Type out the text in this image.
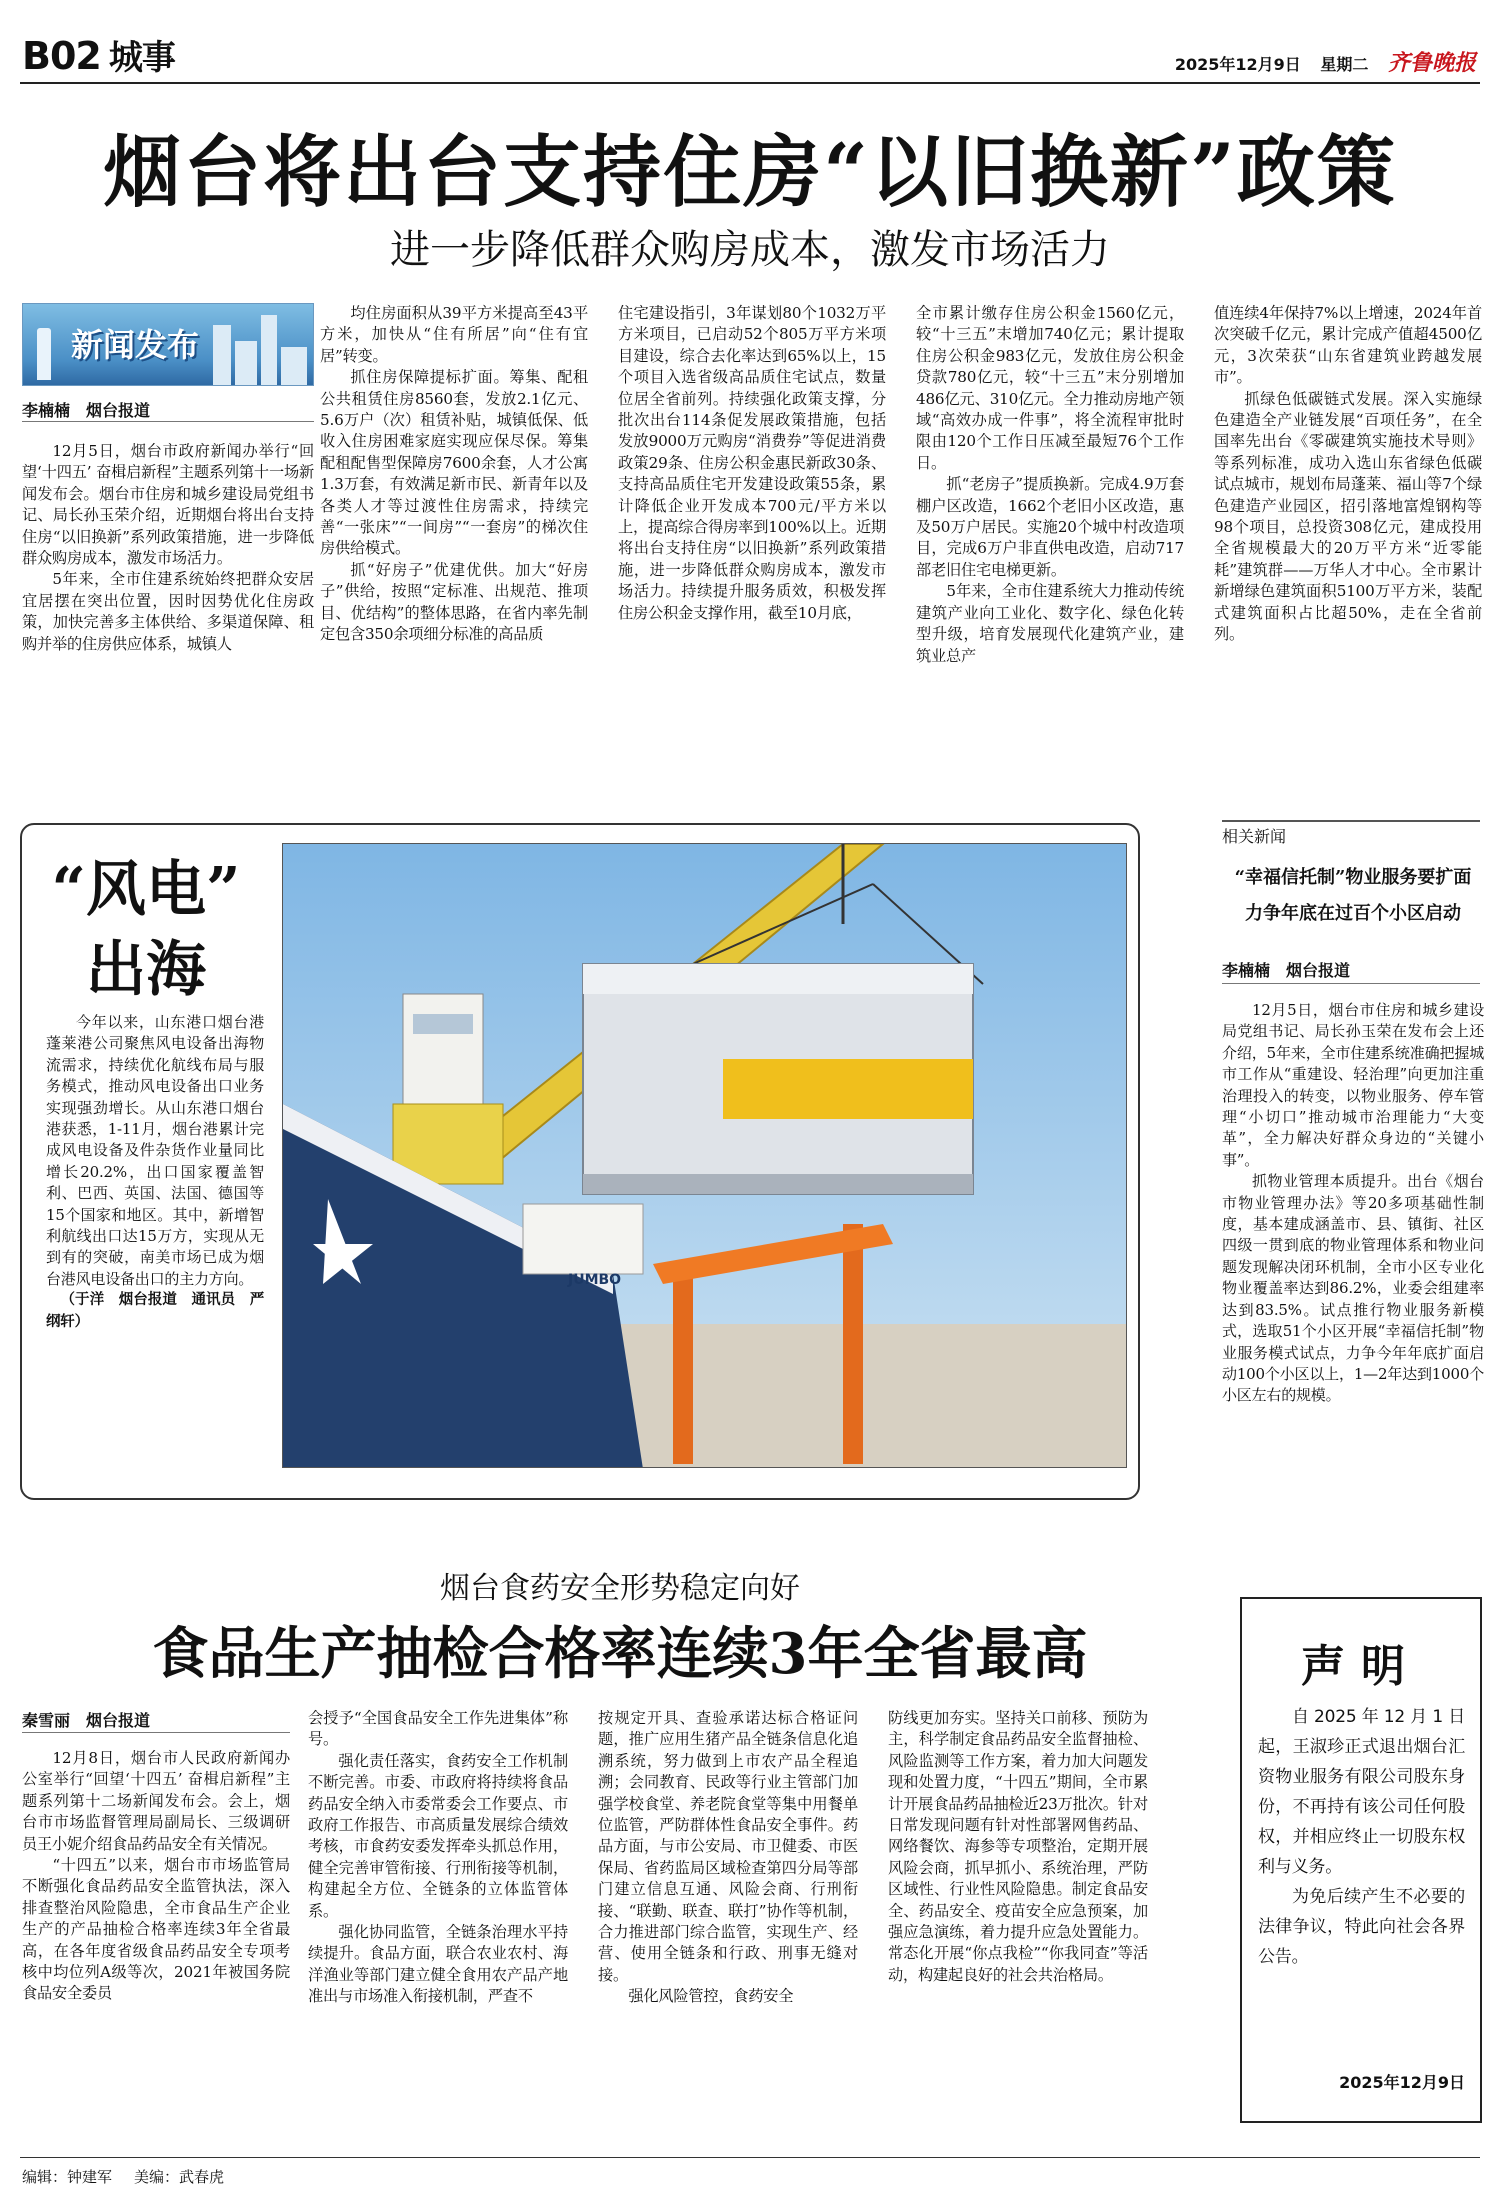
B02 城事	2025年12月9日 星期二 齐鲁晚报
烟台将出台支持住房“以旧换新”政策
进一步降低群众购房成本，激发市场活力
新闻发布
李楠楠　烟台报道

12月5日，烟台市政府新闻办举行“回望‘十四五’ 奋楫启新程”主题系列第十一场新闻发布会。烟台市住房和城乡建设局党组书记、局长孙玉荣介绍，近期烟台将出台支持住房“以旧换新”系列政策措施，进一步降低群众购房成本，激发市场活力。

5年来，全市住建系统始终把群众安居宜居摆在突出位置，因时因势优化住房政策，加快完善多主体供给、多渠道保障、租购并举的住房供应体系，城镇人

均住房面积从39平方米提高至43平方米，加快从“住有所居”向“住有宜居”转变。

抓住房保障提标扩面。筹集、配租公共租赁住房8560套，发放2.1亿元、5.6万户（次）租赁补贴，城镇低保、低收入住房困难家庭实现应保尽保。筹集配租配售型保障房7600余套，人才公寓1.3万套，有效满足新市民、新青年以及各类人才等过渡性住房需求，持续完善“一张床”“一间房”“一套房”的梯次住房供给模式。

抓“好房子”优建优供。加大“好房子”供给，按照“定标准、出规范、推项目、优结构”的整体思路，在省内率先制定包含350余项细分标准的高品质

住宅建设指引，3年谋划80个1032万平方米项目，已启动52个805万平方米项目建设，综合去化率达到65%以上，15个项目入选省级高品质住宅试点，数量位居全省前列。持续强化政策支撑，分批次出台114条促发展政策措施，包括发放9000万元购房“消费券”等促进消费政策29条、住房公积金惠民新政30条、支持高品质住宅开发建设政策55条，累计降低企业开发成本700元/平方米以上，提高综合得房率到100%以上。近期将出台支持住房“以旧换新”系列政策措施，进一步降低群众购房成本，激发市场活力。持续提升服务质效，积极发挥住房公积金支撑作用，截至10月底，

全市累计缴存住房公积金1560亿元，较“十三五”末增加740亿元；累计提取住房公积金983亿元，发放住房公积金贷款780亿元，较“十三五”末分别增加486亿元、310亿元。全力推动房地产领域“高效办成一件事”，将全流程审批时限由120个工作日压减至最短76个工作日。

抓“老房子”提质换新。完成4.9万套棚户区改造，1662个老旧小区改造，惠及50万户居民。实施20个城中村改造项目，完成6万户非直供电改造，启动717部老旧住宅电梯更新。

5年来，全市住建系统大力推动传统建筑产业向工业化、数字化、绿色化转型升级，培育发展现代化建筑产业，建筑业总产

值连续4年保持7%以上增速，2024年首次突破千亿元，累计完成产值超4500亿元，3次荣获“山东省建筑业跨越发展市”。

抓绿色低碳链式发展。深入实施绿色建造全产业链发展“百项任务”，在全国率先出台《零碳建筑实施技术导则》等系列标准，成功入选山东省绿色低碳试点城市，规划布局蓬莱、福山等7个绿色建造产业园区，招引落地富煌钢构等98个项目，总投资308亿元，建成投用全省规模最大的20万平方米“近零能耗”建筑群——万华人才中心。全市累计新增绿色建筑面积5100万平方米，装配式建筑面积占比超50%，走在全省前列。

“风电”
出海

今年以来，山东港口烟台港蓬莱港公司聚焦风电设备出海物流需求，持续优化航线布局与服务模式，推动风电设备出口业务实现强劲增长。从山东港口烟台港获悉，1-11月，烟台港累计完成风电设备及件杂货作业量同比增长20.2%，出口国家覆盖智利、巴西、英国、法国、德国等15个国家和地区。其中，新增智利航线出口达15万方，实现从无到有的突破，南美市场已成为烟台港风电设备出口的主力方向。

（于洋　烟台报道　通讯员　严纲轩）

JUMBO
相关新闻
“幸福信托制”物业服务要扩面
力争年底在过百个小区启动
李楠楠　烟台报道

12月5日，烟台市住房和城乡建设局党组书记、局长孙玉荣在发布会上还介绍，5年来，全市住建系统准确把握城市工作从“重建设、轻治理”向更加注重治理投入的转变，以物业服务、停车管理“小切口”推动城市治理能力“大变革”，全力解决好群众身边的“关键小事”。

抓物业管理本质提升。出台《烟台市物业管理办法》等20多项基础性制度，基本建成涵盖市、县、镇街、社区四级一贯到底的物业管理体系和物业问题发现解决闭环机制，全市小区专业化物业覆盖率达到86.2%，业委会组建率达到83.5%。试点推行物业服务新模式，选取51个小区开展“幸福信托制”物业服务模式试点，力争今年年底扩面启动100个小区以上，1—2年达到1000个小区左右的规模。

烟台食药安全形势稳定向好
食品生产抽检合格率连续3年全省最高
秦雪丽　烟台报道

12月8日，烟台市人民政府新闻办公室举行“回望‘十四五’ 奋楫启新程”主题系列第十二场新闻发布会。会上，烟台市市场监督管理局副局长、三级调研员王小妮介绍食品药品安全有关情况。

“十四五”以来，烟台市市场监管局不断强化食品药品安全监管执法，深入排查整治风险隐患，全市食品生产企业生产的产品抽检合格率连续3年全省最高，在各年度省级食品药品安全专项考核中均位列A级等次，2021年被国务院食品安全委员

会授予“全国食品安全工作先进集体”称号。

强化责任落实，食药安全工作机制不断完善。市委、市政府将持续将食品药品安全纳入市委常委会工作要点、市政府工作报告、市高质量发展综合绩效考核，市食药安委发挥牵头抓总作用，健全完善审管衔接、行刑衔接等机制，构建起全方位、全链条的立体监管体系。

强化协同监管，全链条治理水平持续提升。食品方面，联合农业农村、海洋渔业等部门建立健全食用农产品产地准出与市场准入衔接机制，严查不

按规定开具、查验承诺达标合格证问题，推广应用生猪产品全链条信息化追溯系统，努力做到上市农产品全程追溯；会同教育、民政等行业主管部门加强学校食堂、养老院食堂等集中用餐单位监管，严防群体性食品安全事件。药品方面，与市公安局、市卫健委、市医保局、省药监局区域检查第四分局等部门建立信息互通、风险会商、行刑衔接、“联勤、联查、联打”协作等机制，合力推进部门综合监管，实现生产、经营、使用全链条和行政、刑事无缝对接。

强化风险管控，食药安全

防线更加夯实。坚持关口前移、预防为主，科学制定食品药品安全监督抽检、风险监测等工作方案，着力加大问题发现和处置力度，“十四五”期间，全市累计开展食品药品抽检近23万批次。针对日常发现问题有针对性部署网售药品、网络餐饮、海参等专项整治，定期开展风险会商，抓早抓小、系统治理，严防区域性、行业性风险隐患。制定食品安全、药品安全、疫苗安全应急预案，加强应急演练，着力提升应急处置能力。常态化开展“你点我检”“你我同查”等活动，构建起良好的社会共治格局。

声明

自2025年12月1日起，王淑珍正式退出烟台汇资物业服务有限公司股东身份，不再持有该公司任何股权，并相应终止一切股东权利与义务。

为免后续产生不必要的法律争议，特此向社会各界公告。

2025年12月9日
编辑：钟建军 美编：武春虎
